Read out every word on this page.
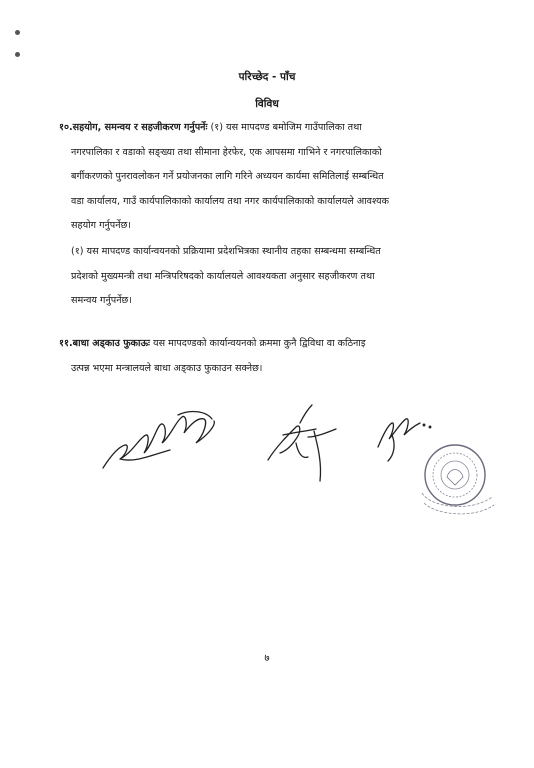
परिच्छेद - पाँच
विविध
१०.सहयोग, समन्वय र सहजीकरण गर्नुपर्नेः (१) यस मापदण्ड बमोजिम गाउँपालिका तथा
नगरपालिका र वडाको सङ्ख्या तथा सीमाना हेरफेर, एक आपसमा गाभिने र नगरपालिकाको
बर्गीकरणको पुनरावलोकन गर्ने प्रयोजनका लागि गरिने अध्ययन कार्यमा समितिलाई सम्बन्धित
वडा कार्यालय, गाउँ कार्यपालिकाको कार्यालय तथा नगर कार्यपालिकाको कार्यालयले आवश्यक
सहयोग गर्नुपर्नेछ।
(१) यस मापदण्ड कार्यान्वयनको प्रक्रियामा प्रदेशभित्रका स्थानीय तहका सम्बन्धमा सम्बन्धित
प्रदेशको मुख्यमन्त्री तथा मन्त्रिपरिषदको कार्यालयले आवश्यकता अनुसार सहजीकरण तथा
समन्वय गर्नुपर्नेछ।
११.बाधा अड्काउ फुकाऊः यस मापदण्डको कार्यान्वयनको क्रममा कुनै द्विविधा वा कठिनाइ
उत्पन्न भएमा मन्त्रालयले बाधा अड्काउ फुकाउन सक्नेछ।
७
